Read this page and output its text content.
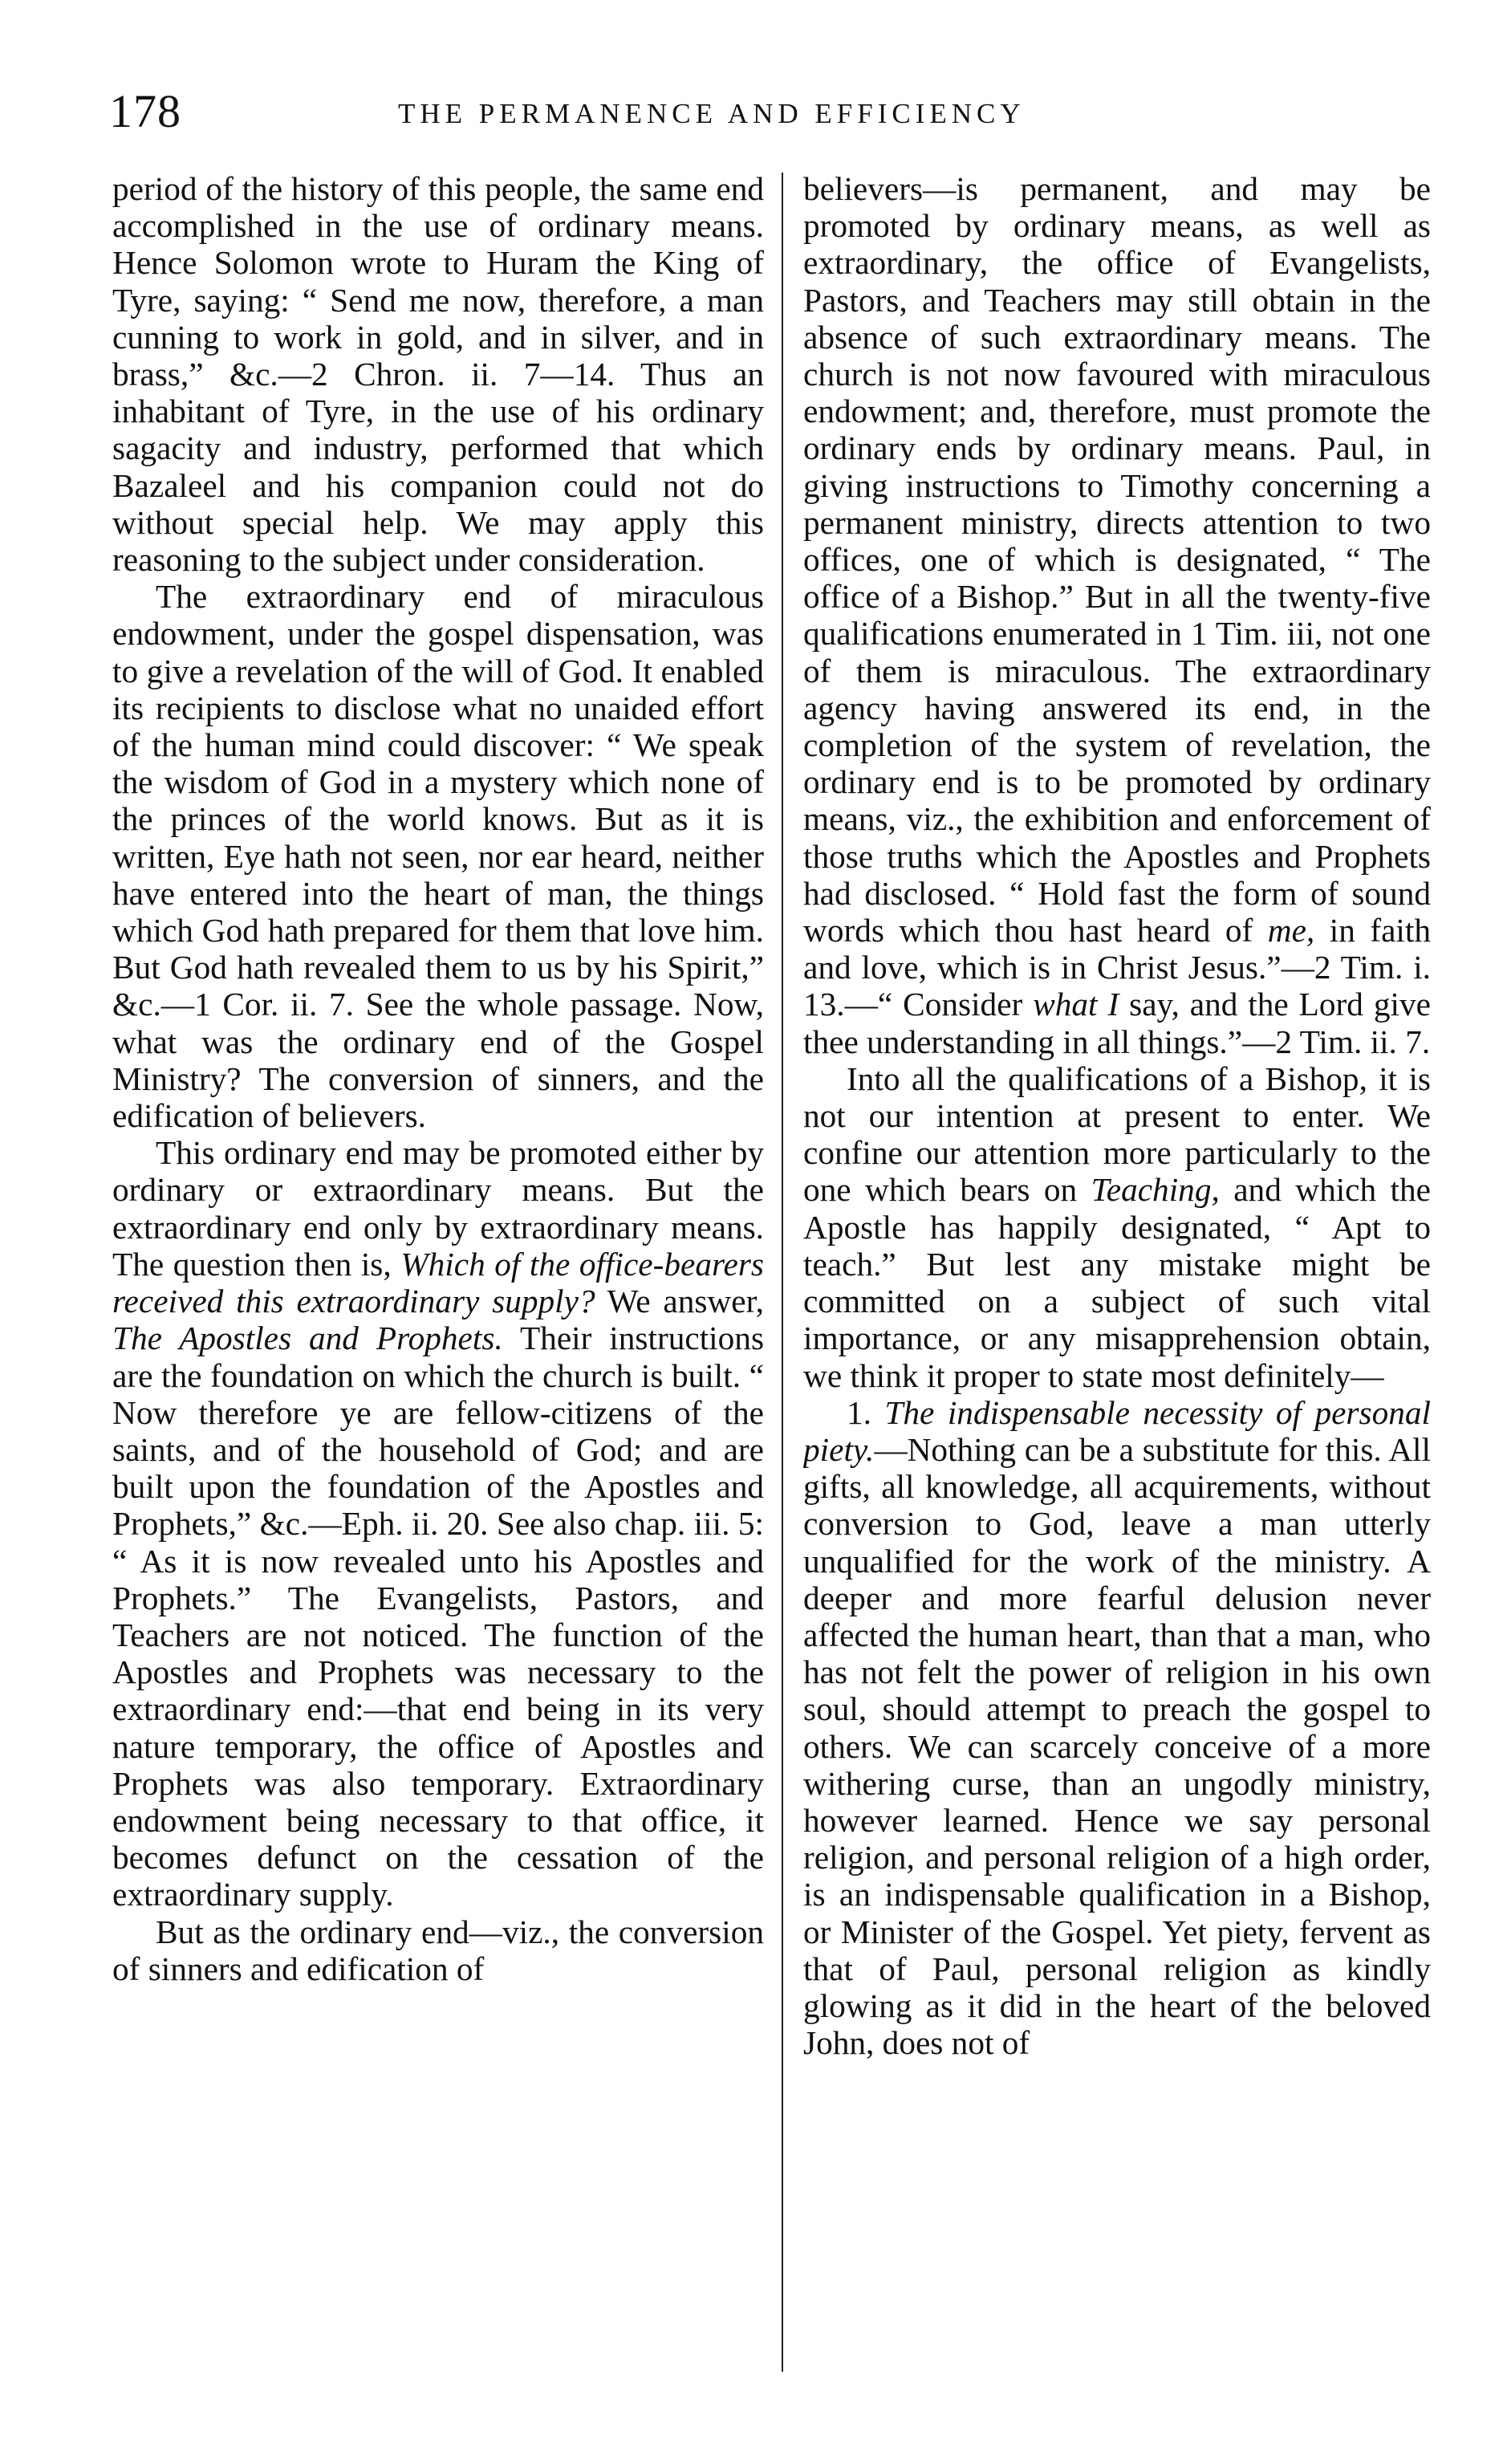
178	THE PERMANENCE AND EFFICIENCY

period of the history of this people, the same end accomplished in the use of ordinary means. Hence Solomon wrote to Huram the King of Tyre, saying: “ Send me now, therefore, a man cunning to work in gold, and in silver, and in brass,” &c.—2 Chron. ii. 7—14. Thus an inhabitant of Tyre, in the use of his ordinary sagacity and industry, performed that which Bazaleel and his companion could not do without special help. We may apply this reasoning to the subject under consideration.

The extraordinary end of miraculous endowment, under the gospel dispensation, was to give a revelation of the will of God. It enabled its recipients to disclose what no unaided effort of the human mind could discover: “ We speak the wisdom of God in a mystery which none of the princes of the world knows. But as it is written, Eye hath not seen, nor ear heard, neither have entered into the heart of man, the things which God hath prepared for them that love him. But God hath revealed them to us by his Spirit,” &c.—1 Cor. ii. 7. See the whole passage. Now, what was the ordinary end of the Gospel Ministry? The conversion of sinners, and the edification of believers.

This ordinary end may be promoted either by ordinary or extraordinary means. But the extraordinary end only by extraordinary means. The question then is, Which of the office-bearers received this extraordinary supply? We answer, The Apostles and Prophets. Their instructions are the foundation on which the church is built. “ Now therefore ye are fellow-citizens of the saints, and of the household of God; and are built upon the foundation of the Apostles and Prophets,” &c.—Eph. ii. 20. See also chap. iii. 5: “ As it is now revealed unto his Apostles and Prophets.” The Evangelists, Pastors, and Teachers are not noticed. The function of the Apostles and Prophets was necessary to the extraordinary end:—that end being in its very nature temporary, the office of Apostles and Prophets was also temporary. Extraordinary endowment being necessary to that office, it becomes defunct on the cessation of the extraordinary supply.

But as the ordinary end—viz., the conversion of sinners and edification of

believers—is permanent, and may be promoted by ordinary means, as well as extraordinary, the office of Evangelists, Pastors, and Teachers may still obtain in the absence of such extraordinary means. The church is not now favoured with miraculous endowment; and, therefore, must promote the ordinary ends by ordinary means. Paul, in giving instructions to Timothy concerning a permanent ministry, directs attention to two offices, one of which is designated, “ The office of a Bishop.” But in all the twenty-five qualifications enumerated in 1 Tim. iii, not one of them is miraculous. The extraordinary agency having answered its end, in the completion of the system of revelation, the ordinary end is to be promoted by ordinary means, viz., the exhibition and enforcement of those truths which the Apostles and Prophets had disclosed. “ Hold fast the form of sound words which thou hast heard of me, in faith and love, which is in Christ Jesus.”—2 Tim. i. 13.—“ Consider what I say, and the Lord give thee understanding in all things.”—2 Tim. ii. 7.

Into all the qualifications of a Bishop, it is not our intention at present to enter. We confine our attention more particularly to the one which bears on Teaching, and which the Apostle has happily designated, “ Apt to teach.” But lest any mistake might be committed on a subject of such vital importance, or any misapprehension obtain, we think it proper to state most definitely—

1. The indispensable necessity of personal piety.—Nothing can be a substitute for this. All gifts, all knowledge, all acquirements, without conversion to God, leave a man utterly unqualified for the work of the ministry. A deeper and more fearful delusion never affected the human heart, than that a man, who has not felt the power of religion in his own soul, should attempt to preach the gospel to others. We can scarcely conceive of a more withering curse, than an ungodly ministry, however learned. Hence we say personal religion, and personal religion of a high order, is an indispensable qualification in a Bishop, or Minister of the Gospel. Yet piety, fervent as that of Paul, personal religion as kindly glowing as it did in the heart of the beloved John, does not of
